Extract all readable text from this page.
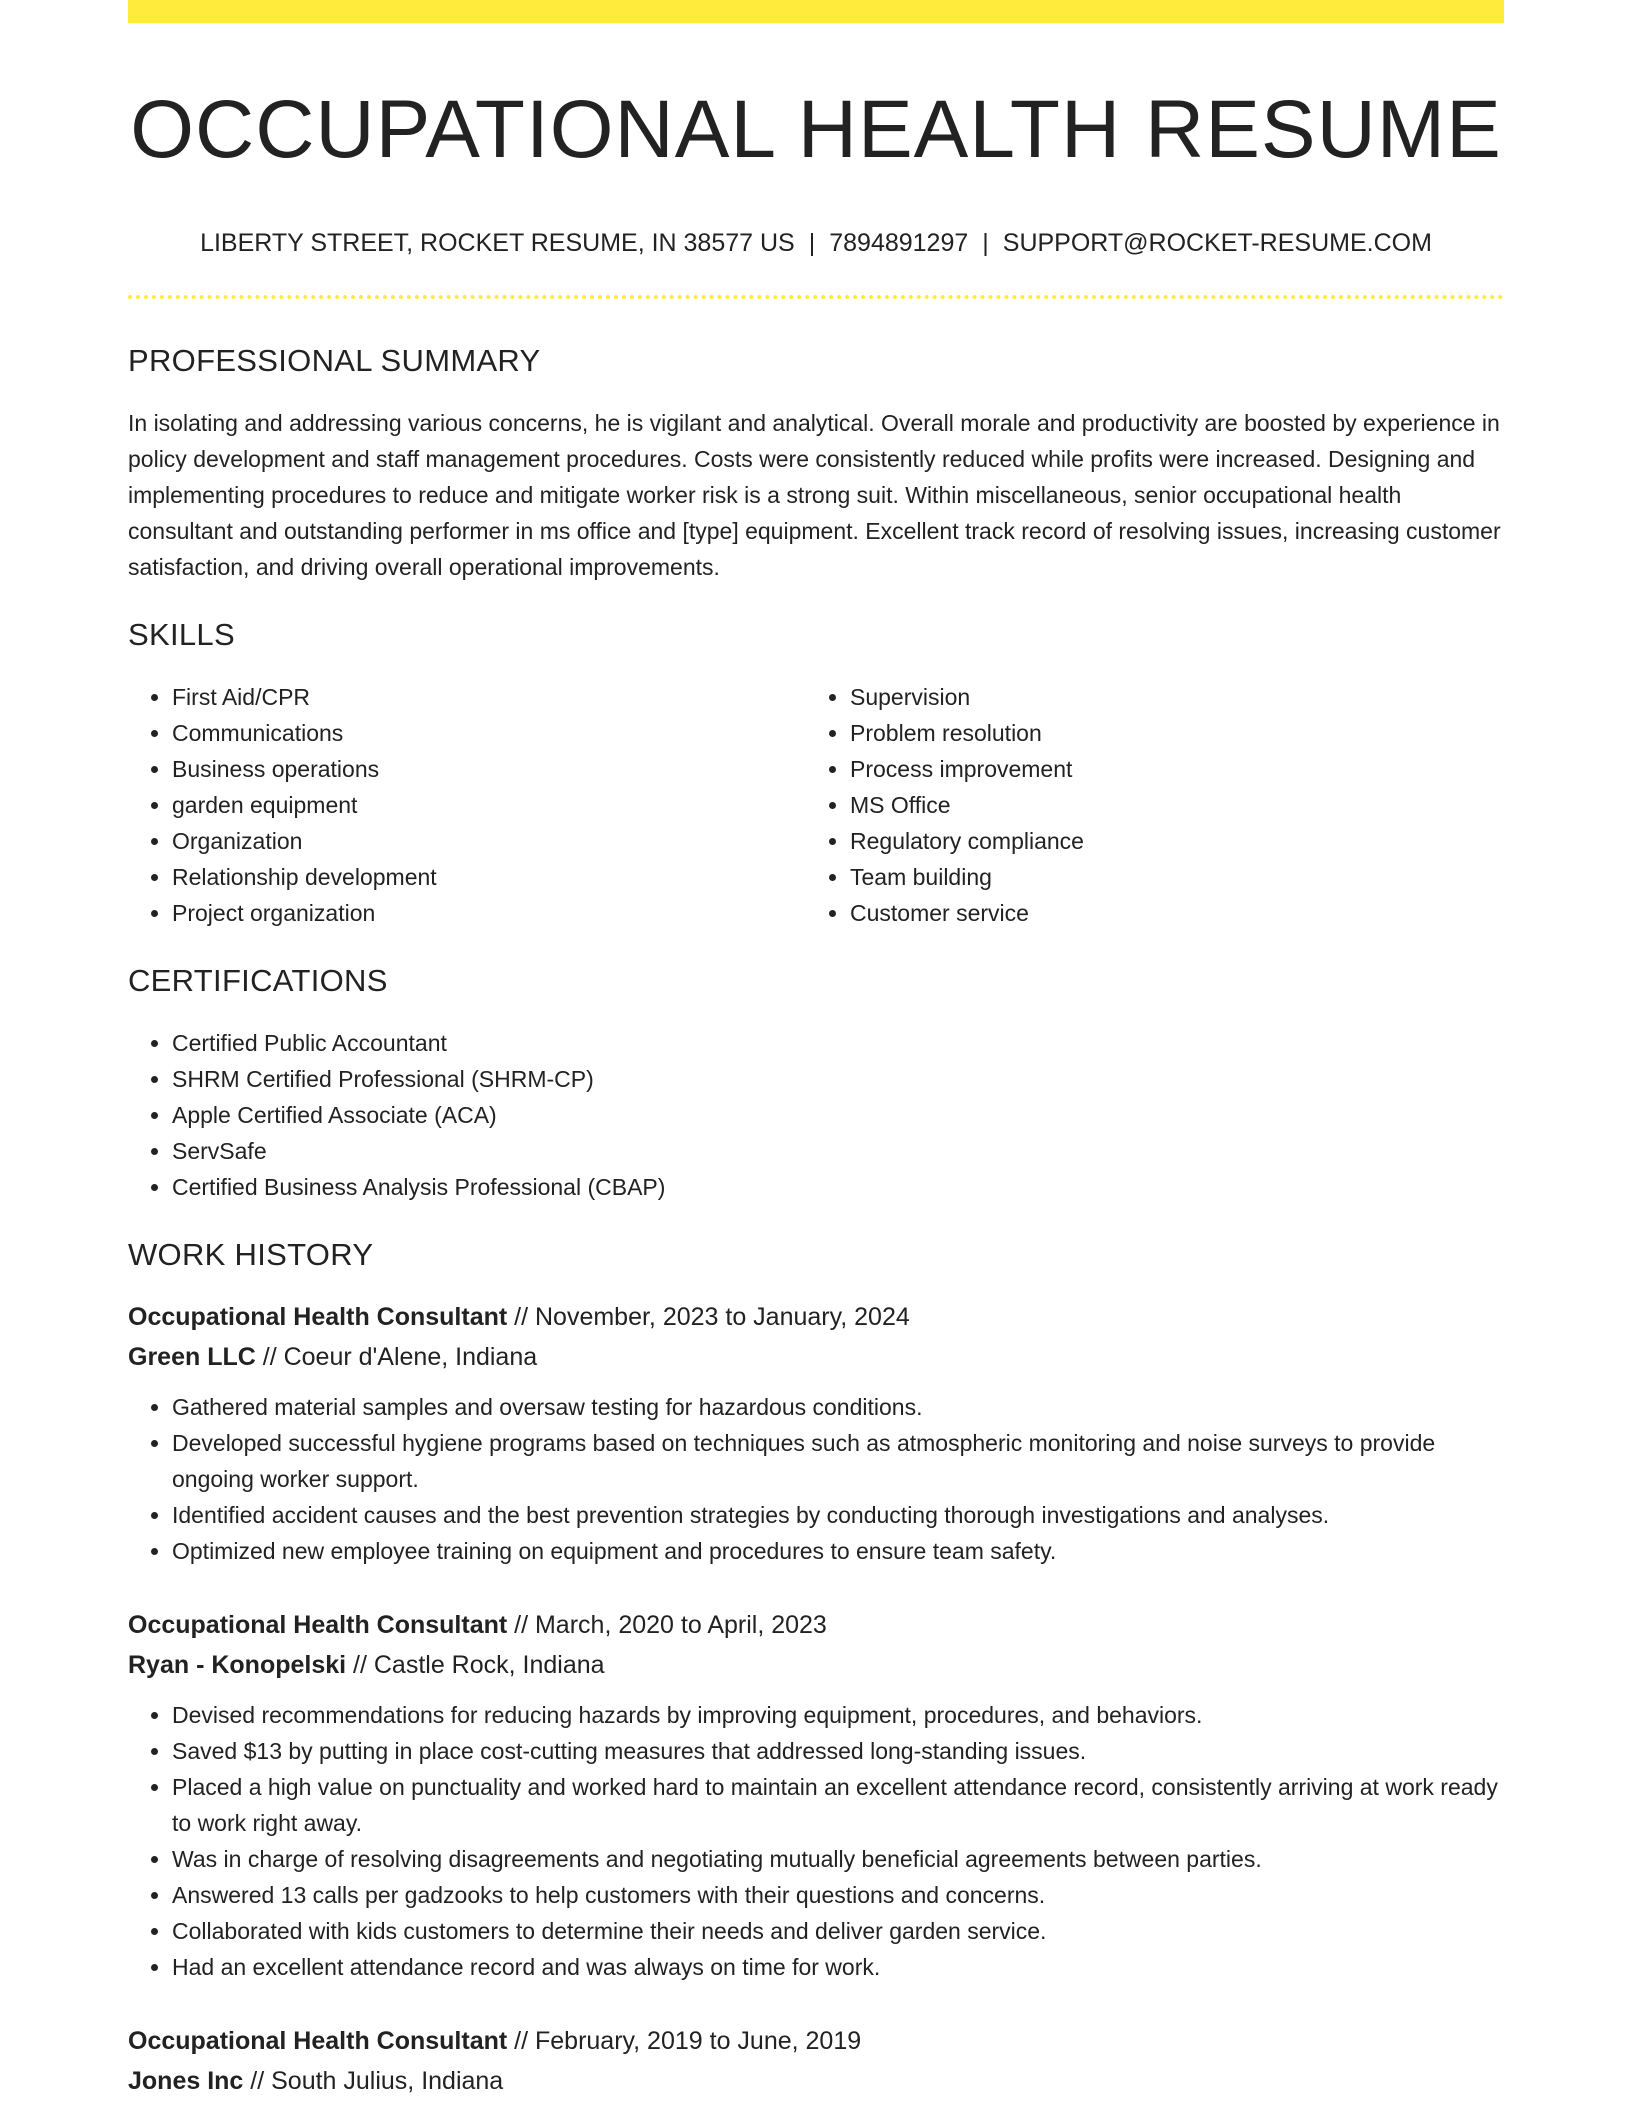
OCCUPATIONAL HEALTH RESUME
LIBERTY STREET, ROCKET RESUME, IN 38577 US | 7894891297 | SUPPORT@ROCKET-RESUME.COM
PROFESSIONAL SUMMARY

In isolating and addressing various concerns, he is vigilant and analytical. Overall morale and productivity are boosted by experience in policy development and staff management procedures. Costs were consistently reduced while profits were increased. Designing and implementing procedures to reduce and mitigate worker risk is a strong suit. Within miscellaneous, senior occupational health consultant and outstanding performer in ms office and [type] equipment. Excellent track record of resolving issues, increasing customer satisfaction, and driving overall operational improvements.

SKILLS
• First Aid/CPR
• Communications
• Business operations
• garden equipment
• Organization
• Relationship development
• Project organization
• Supervision
• Problem resolution
• Process improvement
• MS Office
• Regulatory compliance
• Team building
• Customer service
CERTIFICATIONS
• Certified Public Accountant
• SHRM Certified Professional (SHRM-CP)
• Apple Certified Associate (ACA)
• ServSafe
• Certified Business Analysis Professional (CBAP)
WORK HISTORY
Occupational Health Consultant // November, 2023 to January, 2024
Green LLC // Coeur d'Alene, Indiana
• Gathered material samples and oversaw testing for hazardous conditions.
• Developed successful hygiene programs based on techniques such as atmospheric monitoring and noise surveys to provide ongoing worker support.
• Identified accident causes and the best prevention strategies by conducting thorough investigations and analyses.
• Optimized new employee training on equipment and procedures to ensure team safety.
Occupational Health Consultant // March, 2020 to April, 2023
Ryan - Konopelski // Castle Rock, Indiana
• Devised recommendations for reducing hazards by improving equipment, procedures, and behaviors.
• Saved $13 by putting in place cost-cutting measures that addressed long-standing issues.
• Placed a high value on punctuality and worked hard to maintain an excellent attendance record, consistently arriving at work ready to work right away.
• Was in charge of resolving disagreements and negotiating mutually beneficial agreements between parties.
• Answered 13 calls per gadzooks to help customers with their questions and concerns.
• Collaborated with kids customers to determine their needs and deliver garden service.
• Had an excellent attendance record and was always on time for work.
Occupational Health Consultant // February, 2019 to June, 2019
Jones Inc // South Julius, Indiana
